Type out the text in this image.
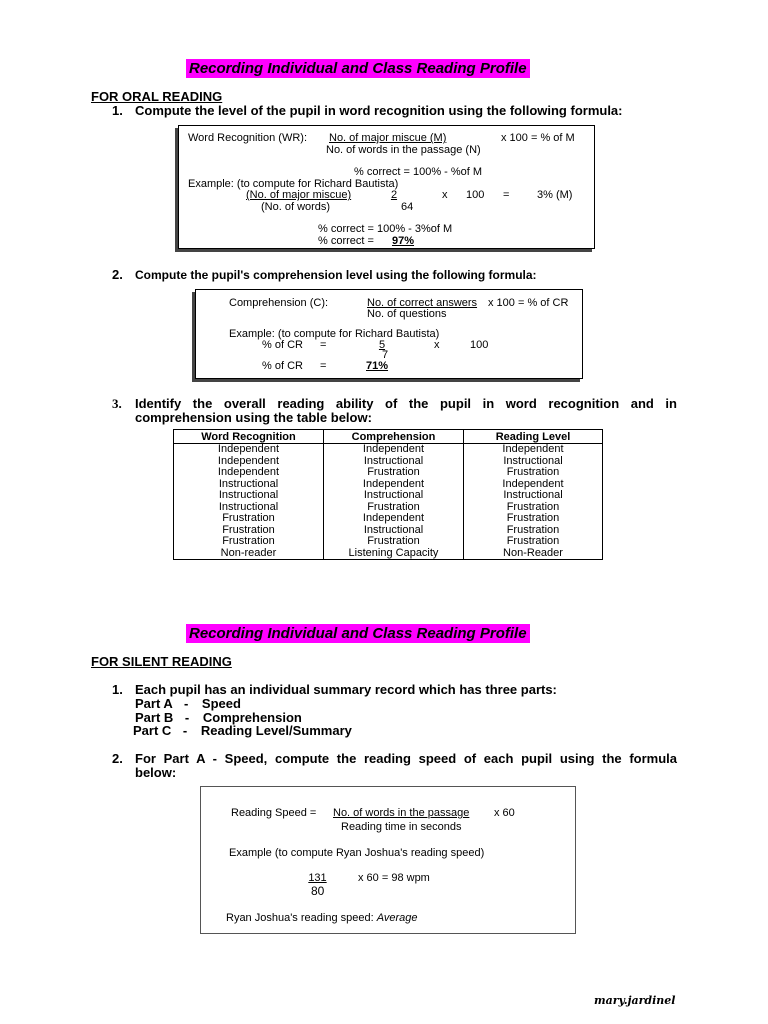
Recording Individual and Class Reading Profile
FOR ORAL READING
1. Compute the level of the pupil in word recognition using the following formula:
Word Recognition (WR): No. of major miscue (M)	x 100 = % of M
No. of words in the passage (N)
% correct = 100% - %of M
Example: (to compute for Richard Bautista)
(No. of major miscue)	2	x 100 =	3% (M)
(No. of words)	64
% correct = 100% - 3%of M
% correct = 97%
2. Compute the pupil's comprehension level using the following formula:
Comprehension (C):	No. of correct answers x 100 = % of CR
No. of questions
Example: (to compute for Richard Bautista)
% of CR =	5	x	100
7
% of CR =	71%
3. Identify the overall reading ability of the pupil in word recognition and in
comprehension using the table below:
Word Recognition	Comprehension	Reading Level
Independent	Independent	Independent
Independent	Instructional	Instructional
Independent	Frustration	Frustration
Instructional	Independent	Independent
Instructional	Instructional	Instructional
Instructional	Frustration	Frustration
Frustration	Independent	Frustration
Frustration	Instructional	Frustration
Frustration	Frustration	Frustration
Non-reader	Listening Capacity	Non-Reader
Recording Individual and Class Reading Profile
FOR SILENT READING
1. Each pupil has an individual summary record which has three parts:
Part A - Speed
Part B - Comprehension
Part C - Reading Level/Summary
2. For Part A - Speed, compute the reading speed of each pupil using the formula
below:
Reading Speed = No. of words in the passage x 60
Reading time in seconds
Example (to compute Ryan Joshua's reading speed)
131	x 60 = 98 wpm
80
Ryan Joshua's reading speed: Average
mary.jardinel
